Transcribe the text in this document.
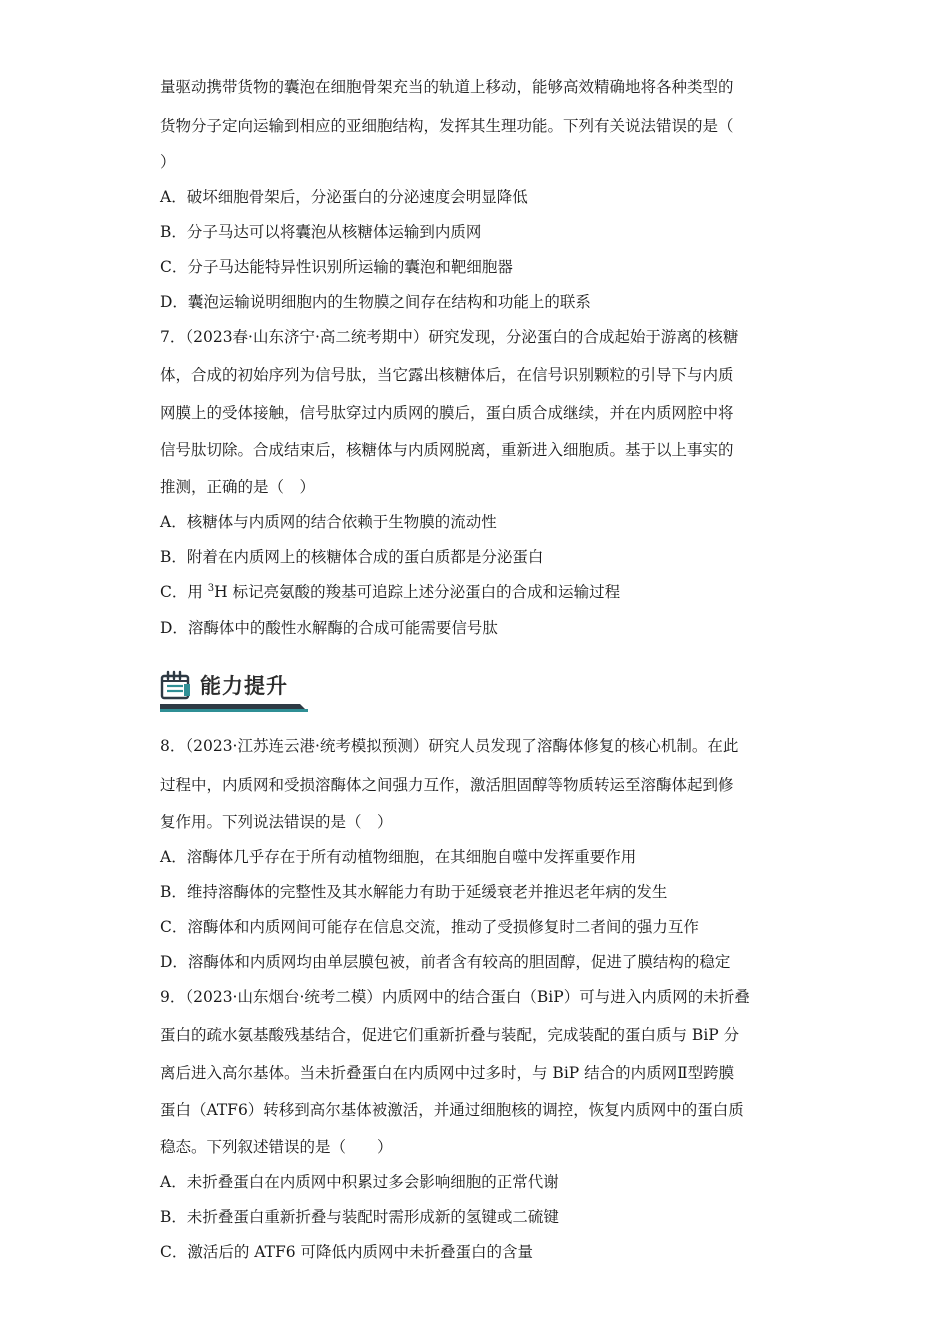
量驱动携带货物的囊泡在细胞骨架充当的轨道上移动，能够高效精确地将各种类型的
货物分子定向运输到相应的亚细胞结构，发挥其生理功能。下列有关说法错误的是（
）
A．破坏细胞骨架后，分泌蛋白的分泌速度会明显降低
B．分子马达可以将囊泡从核糖体运输到内质网
C．分子马达能特异性识别所运输的囊泡和靶细胞器
D．囊泡运输说明细胞内的生物膜之间存在结构和功能上的联系
7．（2023春·山东济宁·高二统考期中）研究发现，分泌蛋白的合成起始于游离的核糖
体，合成的初始序列为信号肽，当它露出核糖体后，在信号识别颗粒的引导下与内质
网膜上的受体接触，信号肽穿过内质网的膜后，蛋白质合成继续，并在内质网腔中将
信号肽切除。合成结束后，核糖体与内质网脱离，重新进入细胞质。基于以上事实的
推测，正确的是（　）
A．核糖体与内质网的结合依赖于生物膜的流动性
B．附着在内质网上的核糖体合成的蛋白质都是分泌蛋白
C．用 $^3$H 标记亮氨酸的羧基可追踪上述分泌蛋白的合成和运输过程
D．溶酶体中的酸性水解酶的合成可能需要信号肽
能力提升
8．（2023·江苏连云港·统考模拟预测）研究人员发现了溶酶体修复的核心机制。在此
过程中，内质网和受损溶酶体之间强力互作，激活胆固醇等物质转运至溶酶体起到修
复作用。下列说法错误的是（　）
A．溶酶体几乎存在于所有动植物细胞，在其细胞自噬中发挥重要作用
B．维持溶酶体的完整性及其水解能力有助于延缓衰老并推迟老年病的发生
C．溶酶体和内质网间可能存在信息交流，推动了受损修复时二者间的强力互作
D．溶酶体和内质网均由单层膜包被，前者含有较高的胆固醇，促进了膜结构的稳定
9．（2023·山东烟台·统考二模）内质网中的结合蛋白（BiP）可与进入内质网的未折叠
蛋白的疏水氨基酸残基结合，促进它们重新折叠与装配，完成装配的蛋白质与 BiP 分
离后进入高尔基体。当未折叠蛋白在内质网中过多时，与 BiP 结合的内质网Ⅱ型跨膜
蛋白（ATF6）转移到高尔基体被激活，并通过细胞核的调控，恢复内质网中的蛋白质
稳态。下列叙述错误的是（　　）
A．未折叠蛋白在内质网中积累过多会影响细胞的正常代谢
B．未折叠蛋白重新折叠与装配时需形成新的氢键或二硫键
C．激活后的 ATF6 可降低内质网中未折叠蛋白的含量
